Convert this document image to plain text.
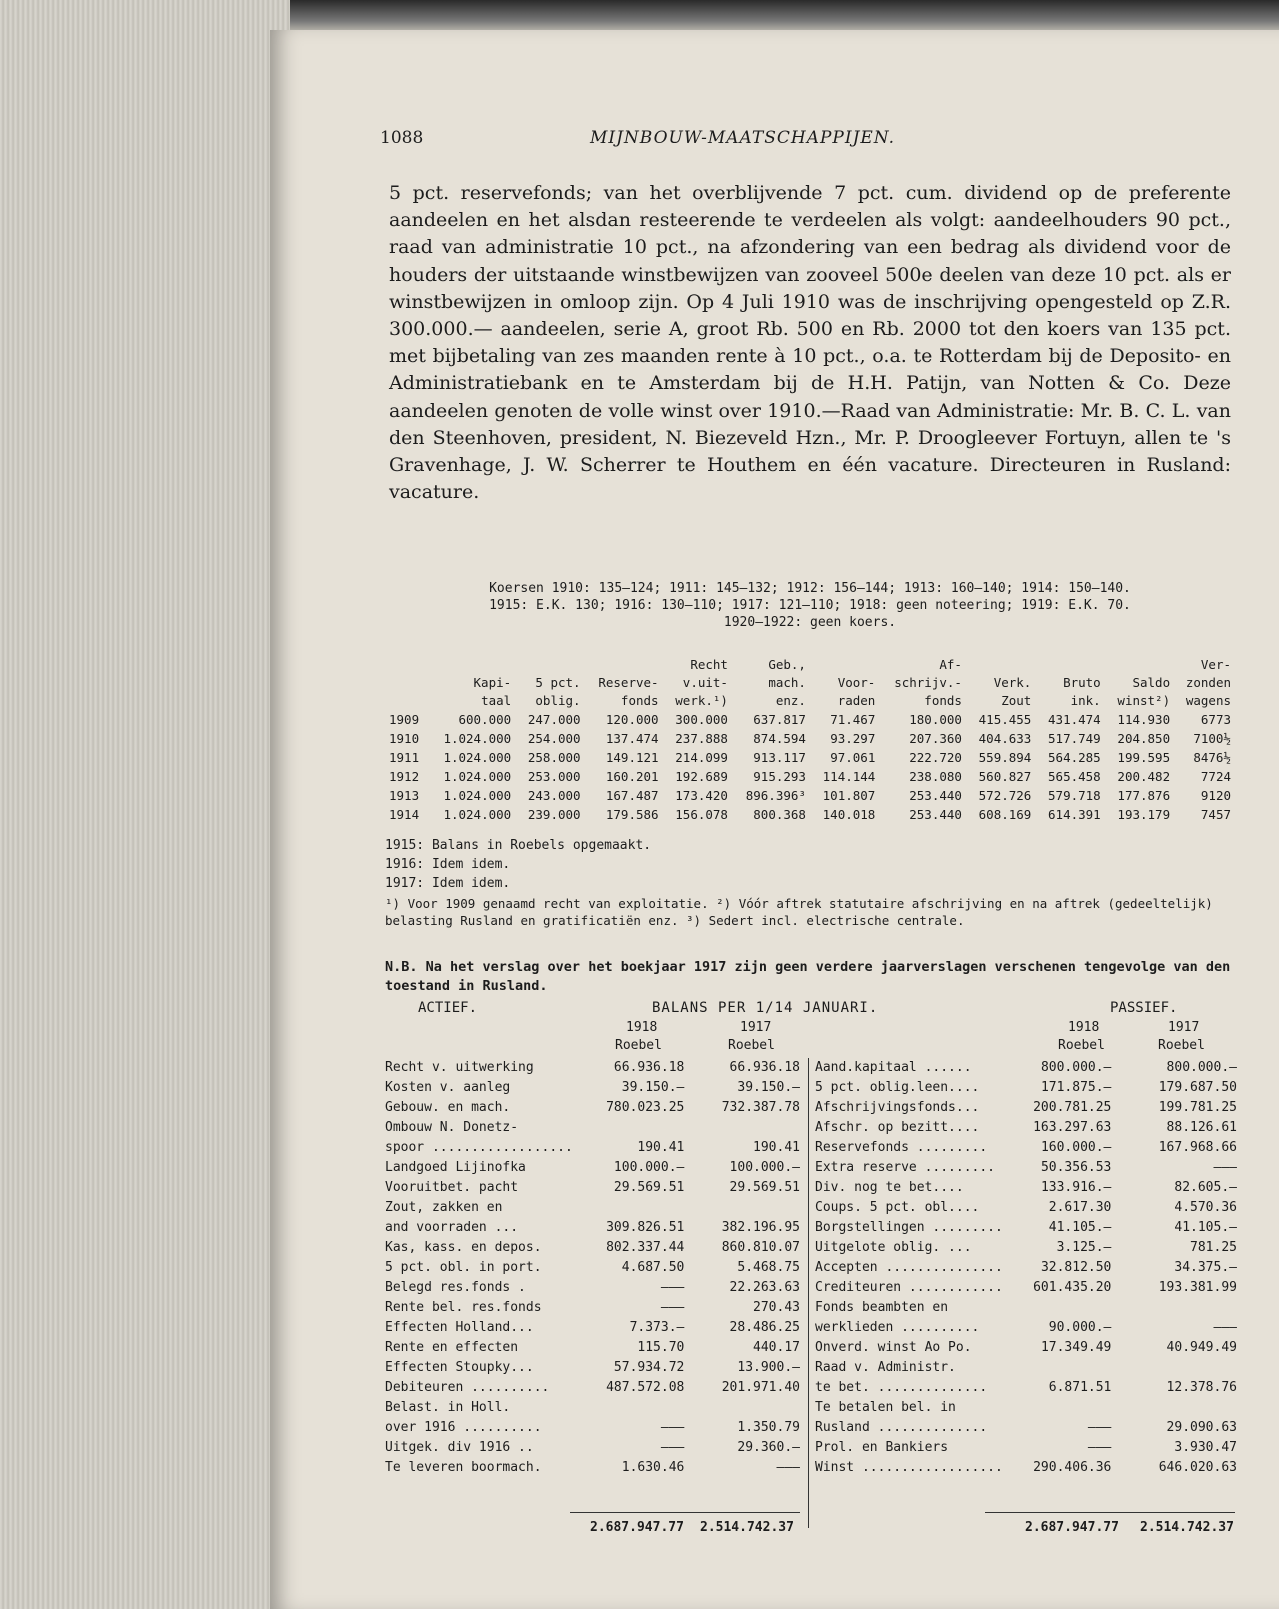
1088	MIJNBOUW-MAATSCHAPPIJEN.

5 pct. reservefonds; van het overblijvende 7 pct. cum. dividend op de preferente aandeelen en het alsdan resteerende te verdeelen als volgt: aandeelhouders 90 pct., raad van administratie 10 pct., na afzondering van een bedrag als dividend voor de houders der uitstaande winstbewijzen van zooveel 500e deelen van deze 10 pct. als er winstbewijzen in omloop zijn. Op 4 Juli 1910 was de inschrijving opengesteld op Z.R. 300.000.— aandeelen, serie A, groot Rb. 500 en Rb. 2000 tot den koers van 135 pct. met bijbetaling van zes maanden rente à 10 pct., o.a. te Rotterdam bij de Deposito- en Administratiebank en te Amsterdam bij de H.H. Patijn, van Notten & Co. Deze aandeelen genoten de volle winst over 1910.—Raad van Administratie: Mr. B. C. L. van den Steenhoven, president, N. Biezeveld Hzn., Mr. P. Droogleever Fortuyn, allen te 's Gravenhage, J. W. Scherrer te Houthem en één vacature. Directeuren in Rusland: vacature.

Koersen 1910: 135—124; 1911: 145—132; 1912: 156—144; 1913: 160—140; 1914: 150—140.
1915: E.K. 130; 1916: 130—110; 1917: 121—110; 1918: geen noteering; 1919: E.K. 70.
1920—1922: geen koers.
				Recht	Geb.,		Af-				Ver-
	Kapi-	5 pct.	Reserve-	v.uit-	mach.	Voor-	schrijv.-	Verk.	Bruto	Saldo	zonden
	taal	oblig.	fonds	werk.¹)	enz.	raden	fonds	Zout	ink.	winst²)	wagens
1909	600.000	247.000	120.000	300.000	637.817	71.467	180.000	415.455	431.474	114.930	6773
1910	1.024.000	254.000	137.474	237.888	874.594	93.297	207.360	404.633	517.749	204.850	7100½
1911	1.024.000	258.000	149.121	214.099	913.117	97.061	222.720	559.894	564.285	199.595	8476½
1912	1.024.000	253.000	160.201	192.689	915.293	114.144	238.080	560.827	565.458	200.482	7724
1913	1.024.000	243.000	167.487	173.420	896.396³	101.807	253.440	572.726	579.718	177.876	9120
1914	1.024.000	239.000	179.586	156.078	800.368	140.018	253.440	608.169	614.391	193.179	7457
1915: Balans in Roebels opgemaakt.
1916: Idem idem.
1917: Idem idem.
¹) Voor 1909 genaamd recht van exploitatie. ²) Vóór aftrek statutaire afschrijving en na aftrek (gedeeltelijk) belasting Rusland en gratificatiën enz. ³) Sedert incl. electrische centrale.
N.B. Na het verslag over het boekjaar 1917 zijn geen verdere jaarverslagen verschenen tengevolge van den toestand in Rusland.
ACTIEF.	BALANS PER 1/14 JANUARI.	PASSIEF.
1918	1917
Roebel	Roebel
1918	1917
Roebel	Roebel
Recht v. uitwerking	66.936.18	66.936.18
Kosten v. aanleg	39.150.—	39.150.—
Gebouw. en mach.	780.023.25	732.387.78
Ombouw N. Donetz-		
spoor ..................	190.41	190.41
Landgoed Lijinofka	100.000.—	100.000.—
Vooruitbet. pacht	29.569.51	29.569.51
Zout, zakken en		
and voorraden ...	309.826.51	382.196.95
Kas, kass. en depos.	802.337.44	860.810.07
5 pct. obl. in port.	4.687.50	5.468.75
Belegd res.fonds .	———	22.263.63
Rente bel. res.fonds	———	270.43
Effecten Holland...	7.373.—	28.486.25
Rente en effecten	115.70	440.17
Effecten Stoupky...	57.934.72	13.900.—
Debiteuren ..........	487.572.08	201.971.40
Belast. in Holl.		
over 1916 ..........	———	1.350.79
Uitgek. div 1916 ..	———	29.360.—
Te leveren boormach.	1.630.46	———
Aand.kapitaal ......	800.000.—	800.000.—
5 pct. oblig.leen....	171.875.—	179.687.50
Afschrijvingsfonds...	200.781.25	199.781.25
Afschr. op bezitt....	163.297.63	88.126.61
Reservefonds .........	160.000.—	167.968.66
Extra reserve .........	50.356.53	———
Div. nog te bet....	133.916.—	82.605.—
Coups. 5 pct. obl....	2.617.30	4.570.36
Borgstellingen .........	41.105.—	41.105.—
Uitgelote oblig. ...	3.125.—	781.25
Accepten ...............	32.812.50	34.375.—
Crediteuren ............	601.435.20	193.381.99
Fonds beambten en		
werklieden ..........	90.000.—	———
Onverd. winst Ao Po.	17.349.49	40.949.49
Raad v. Administr.		
te bet. ..............	6.871.51	12.378.76
Te betalen bel. in		
Rusland ..............	———	29.090.63
Prol. en Bankiers	———	3.930.47
Winst ..................	290.406.36	646.020.63
2.687.947.77 2.514.742.37	2.687.947.77 2.514.742.37
